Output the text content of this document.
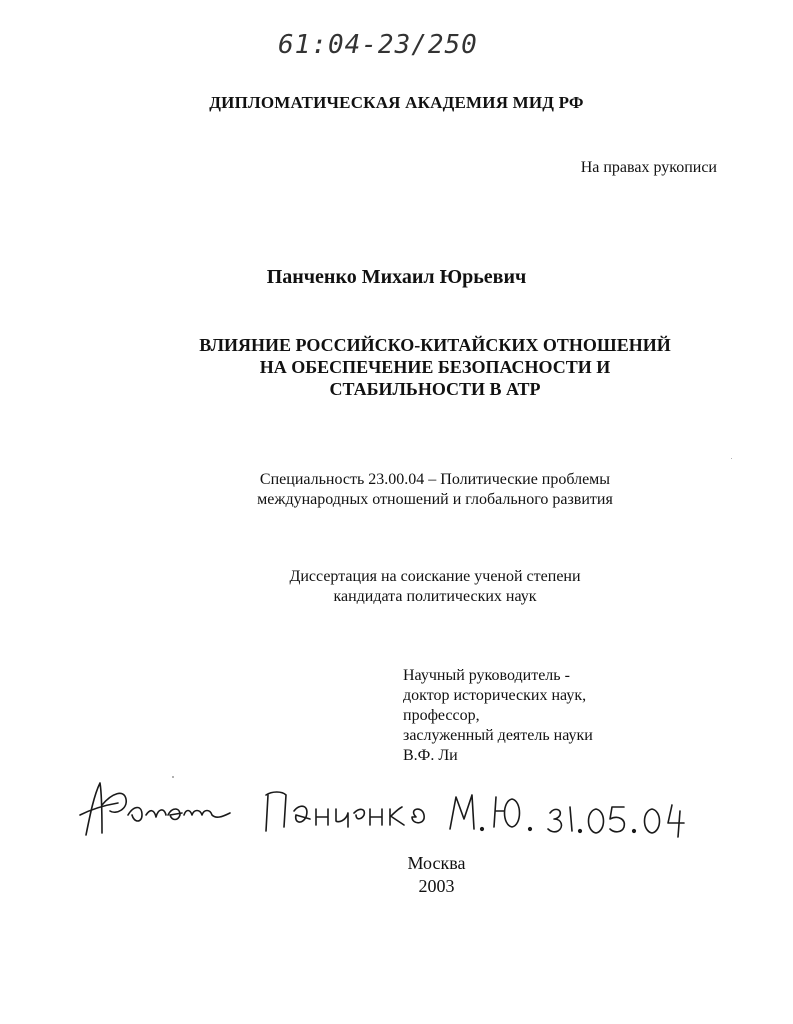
61:04-23/250
ДИПЛОМАТИЧЕСКАЯ АКАДЕМИЯ МИД РФ
На правах рукописи
Панченко Михаил Юрьевич
ВЛИЯНИЕ РОССИЙСКО-КИТАЙСКИХ ОТНОШЕНИЙ
НА ОБЕСПЕЧЕНИЕ БЕЗОПАСНОСТИ И
СТАБИЛЬНОСТИ В АТР
Специальность 23.00.04 – Политические проблемы
международных отношений и глобального развития
Диссертация на соискание ученой степени
кандидата политических наук
Научный руководитель -
доктор исторических наук,
профессор,
заслуженный деятель науки
В.Ф. Ли
Москва
2003
